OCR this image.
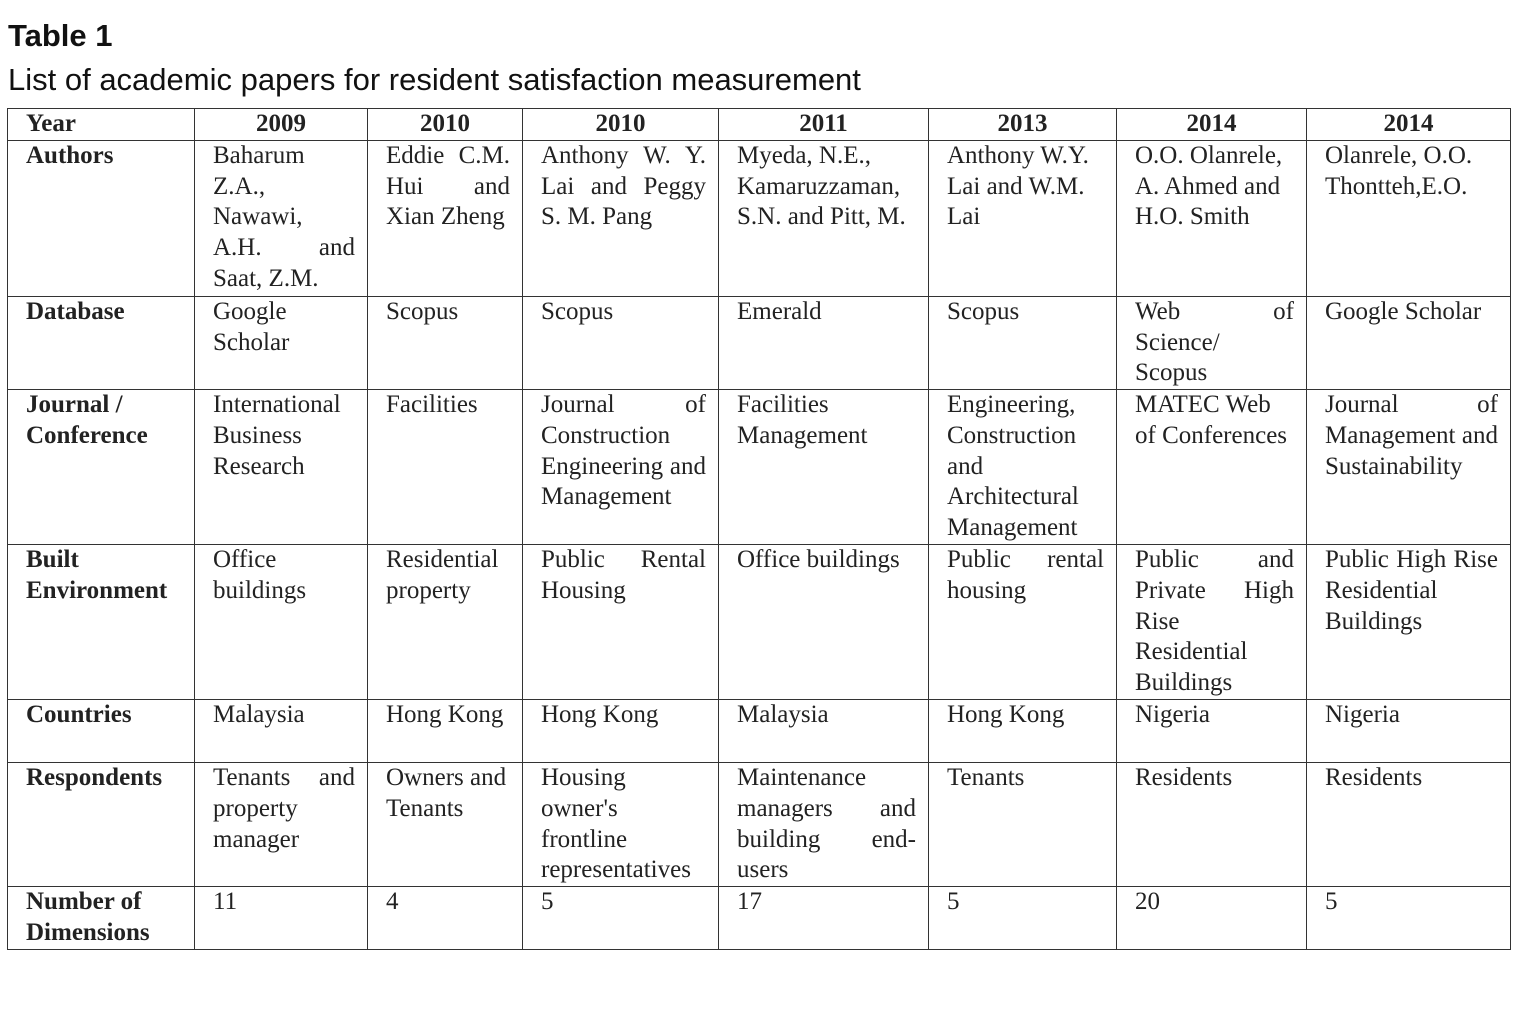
Table 1
List of academic papers for resident satisfaction measurement
Year	2009	2010	2010	2011	2013	2014	2014
Authors	Baharum Z.A., Nawawi, A.H. and Saat, Z.M.	Eddie C.M. Hui and Xian Zheng	Anthony W. Y. Lai and Peggy S. M. Pang	Myeda, N.E., Kamaruzzaman, S.N. and Pitt, M.	Anthony W.Y. Lai and W.M. Lai	O.O. Olanrele, A. Ahmed and H.O. Smith	Olanrele, O.O. Thontteh,E.O.
Database	Google Scholar	Scopus	Scopus	Emerald	Scopus	Web of Science/ Scopus	Google Scholar
Journal / Conference	International Business Research	Facilities	Journal of Construction Engineering and Management	Facilities Management	Engineering, Construction and Architectural Management	MATEC Web of Conferences	Journal of Management and Sustainability
Built Environment	Office buildings	Residential property	Public Rental Housing	Office buildings	Public rental housing	Public and Private High Rise Residential Buildings	Public High Rise Residential Buildings
Countries	Malaysia	Hong Kong	Hong Kong	Malaysia	Hong Kong	Nigeria	Nigeria
Respondents	Tenants and property manager	Owners and Tenants	Housing owner's frontline representatives	Maintenance managers and building end-users	Tenants	Residents	Residents
Number of Dimensions	11	4	5	17	5	20	5
